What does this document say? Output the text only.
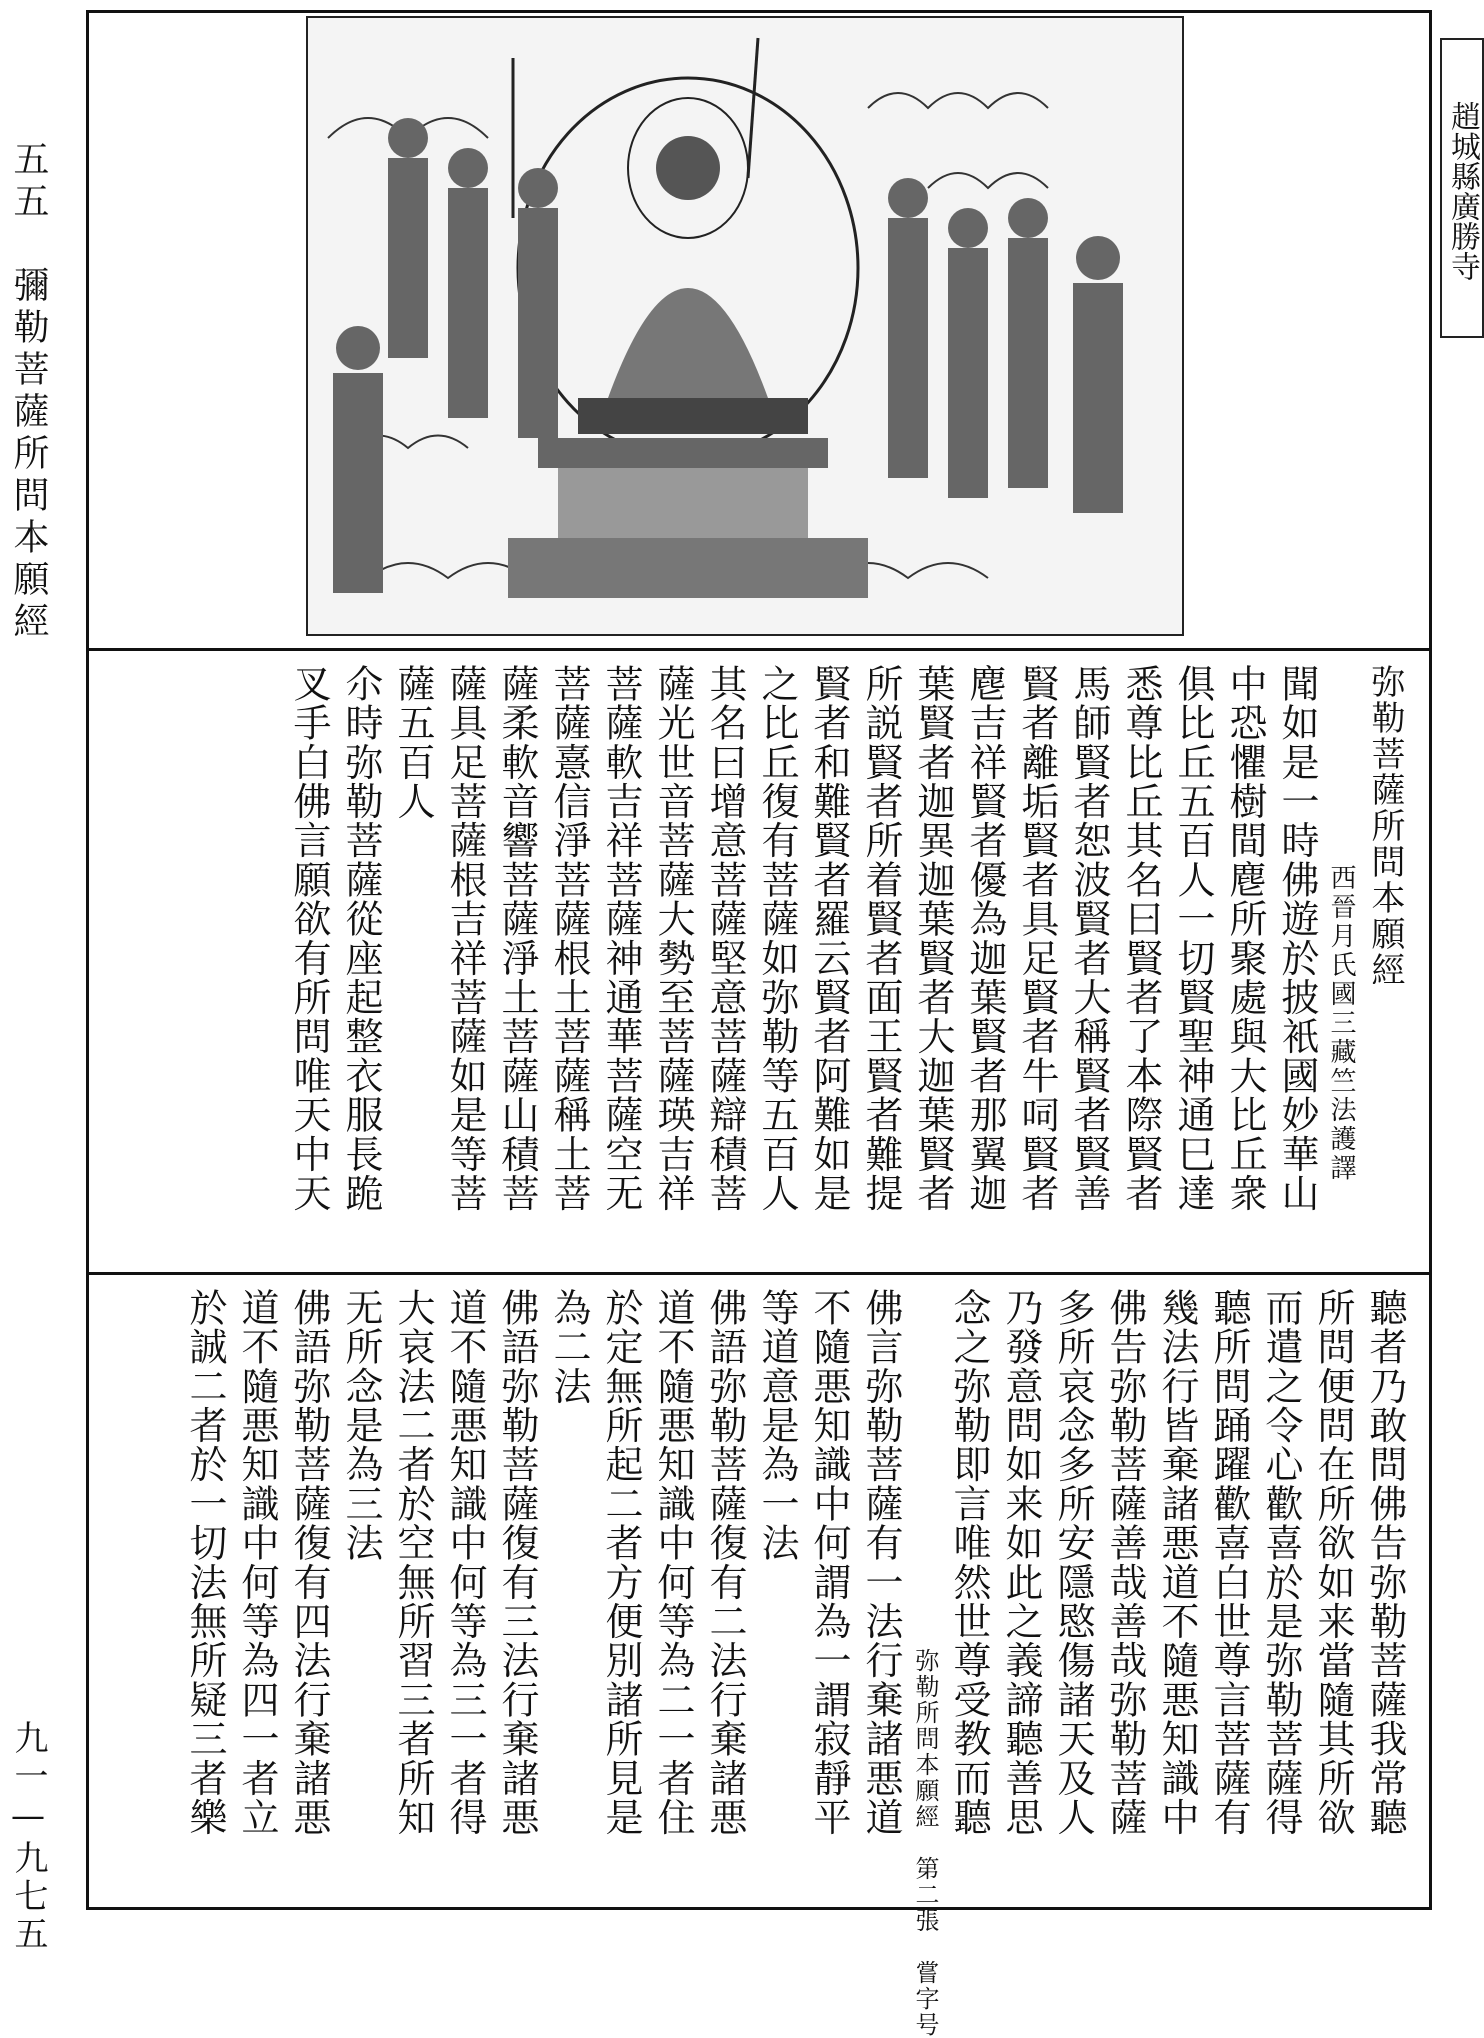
五五　彌勒菩薩所問本願經
九一—九七五
趙城縣廣勝寺
弥勒菩薩所問本願經
西晉月氏國三藏竺法護譯
聞如是一時佛遊於披衹國妙華山
中恐懼樹間麀所聚處與大比丘衆
俱比丘五百人一切賢聖神通巳達
悉尊比丘其名曰賢者了本際賢者
馬師賢者恕波賢者大稱賢者賢善
賢者離垢賢者具足賢者牛呞賢者
麀吉祥賢者優為迦葉賢者那翼迦
葉賢者迦異迦葉賢者大迦葉賢者
所説賢者所着賢者面王賢者難提
賢者和難賢者羅云賢者阿難如是
之比丘復有菩薩如弥勒等五百人
其名曰增意菩薩堅意菩薩辯積菩
薩光世音菩薩大勢至菩薩瑛吉祥
菩薩軟吉祥菩薩神通華菩薩空无
菩薩憙信淨菩薩根土菩薩稱土菩
薩柔軟音響菩薩淨土菩薩山積菩
薩具足菩薩根吉祥菩薩如是等菩
薩五百人
尒時弥勒菩薩從座起整衣服長跪
叉手白佛言願欲有所問唯天中天
聽者乃敢問佛告弥勒菩薩我常聽
所問便問在所欲如来當隨其所欲
而遣之令心歡喜於是弥勒菩薩得
聽所問踊躍歡喜白世尊言菩薩有
幾法行皆棄諸悪道不隨悪知識中
佛告弥勒菩薩善哉善哉弥勒菩薩
多所哀念多所安隱愍傷諸天及人
乃發意問如来如此之義諦聽善思
念之弥勒即言唯然世尊受教而聽
弥勒所問本願經　第二張　嘗字号
佛言弥勒菩薩有一法行棄諸悪道
不隨悪知識中何謂為一謂寂靜平
等道意是為一法
佛語弥勒菩薩復有二法行棄諸悪
道不隨悪知識中何等為二一者住
於定無所起二者方便別諸所見是
為二法
佛語弥勒菩薩復有三法行棄諸悪
道不隨悪知識中何等為三一者得
大哀法二者於空無所習三者所知
无所念是為三法
佛語弥勒菩薩復有四法行棄諸悪
道不隨悪知識中何等為四一者立
於誠二者於一切法無所疑三者樂
